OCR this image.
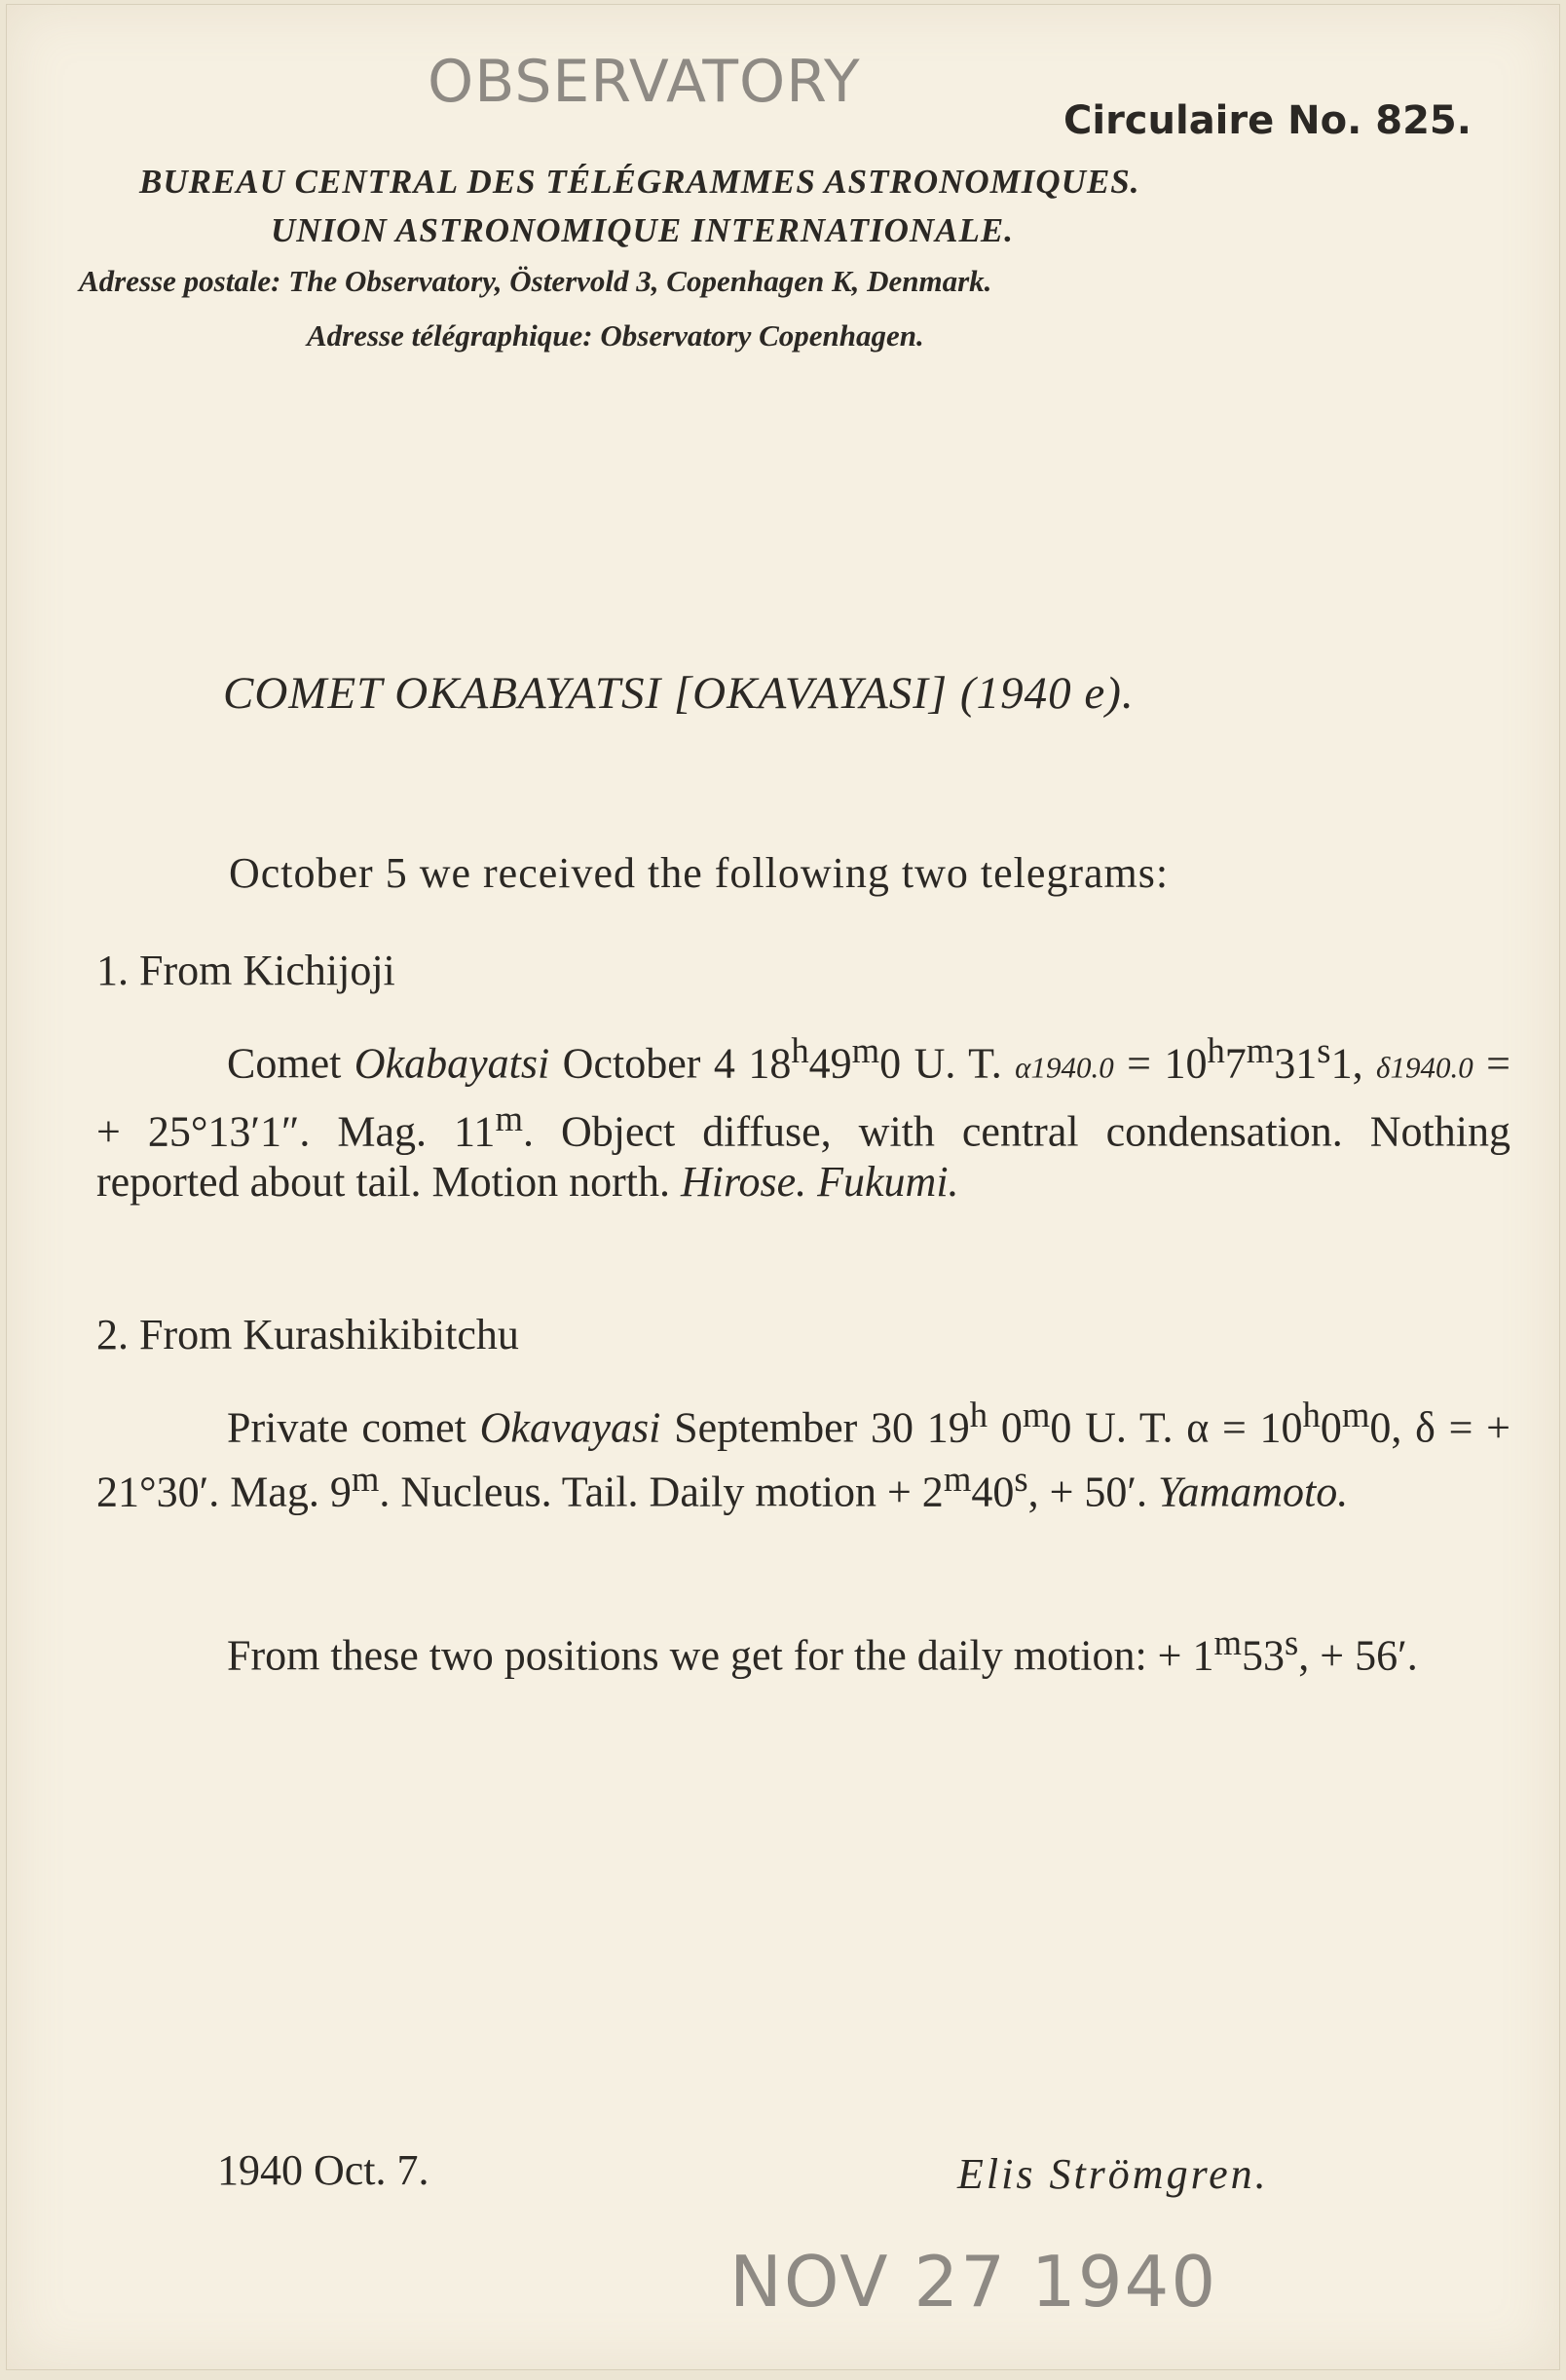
OBSERVATORY
Circulaire No. 825.
BUREAU CENTRAL DES TÉLÉGRAMMES ASTRONOMIQUES.
UNION ASTRONOMIQUE INTERNATIONALE.
Adresse postale: The Observatory, Östervold 3, Copenhagen K, Denmark.
Adresse télégraphique: Observatory Copenhagen.
COMET OKABAYATSI [OKAVAYASI] (1940 e).
October 5 we received the following two telegrams:
1. From Kichijoji
Comet Okabayatsi October 4 18$^h$49$^m$0 U. T. $\alpha 1940.0 = 10^h7^m31^s1$, δ1940.0 = + 25°13′1″. Mag. 11$^m$. Object diffuse, with central condensation. Nothing reported about tail. Motion north. Hirose. Fukumi.
2. From Kurashikibitchu
Private comet Okavayasi September 30 19$^h$ 0$^m$0 U. T. $\alpha = 10^h0^m0$, δ = + 21°30′. Mag. 9$^m$. Nucleus. Tail. Daily motion + $2^m40^s$, + 50′. Yamamoto.
From these two positions we get for the daily motion: + $1^m53^s$, + 56′.
1940 Oct. 7.	Elis Strömgren.
NOV 27 1940
